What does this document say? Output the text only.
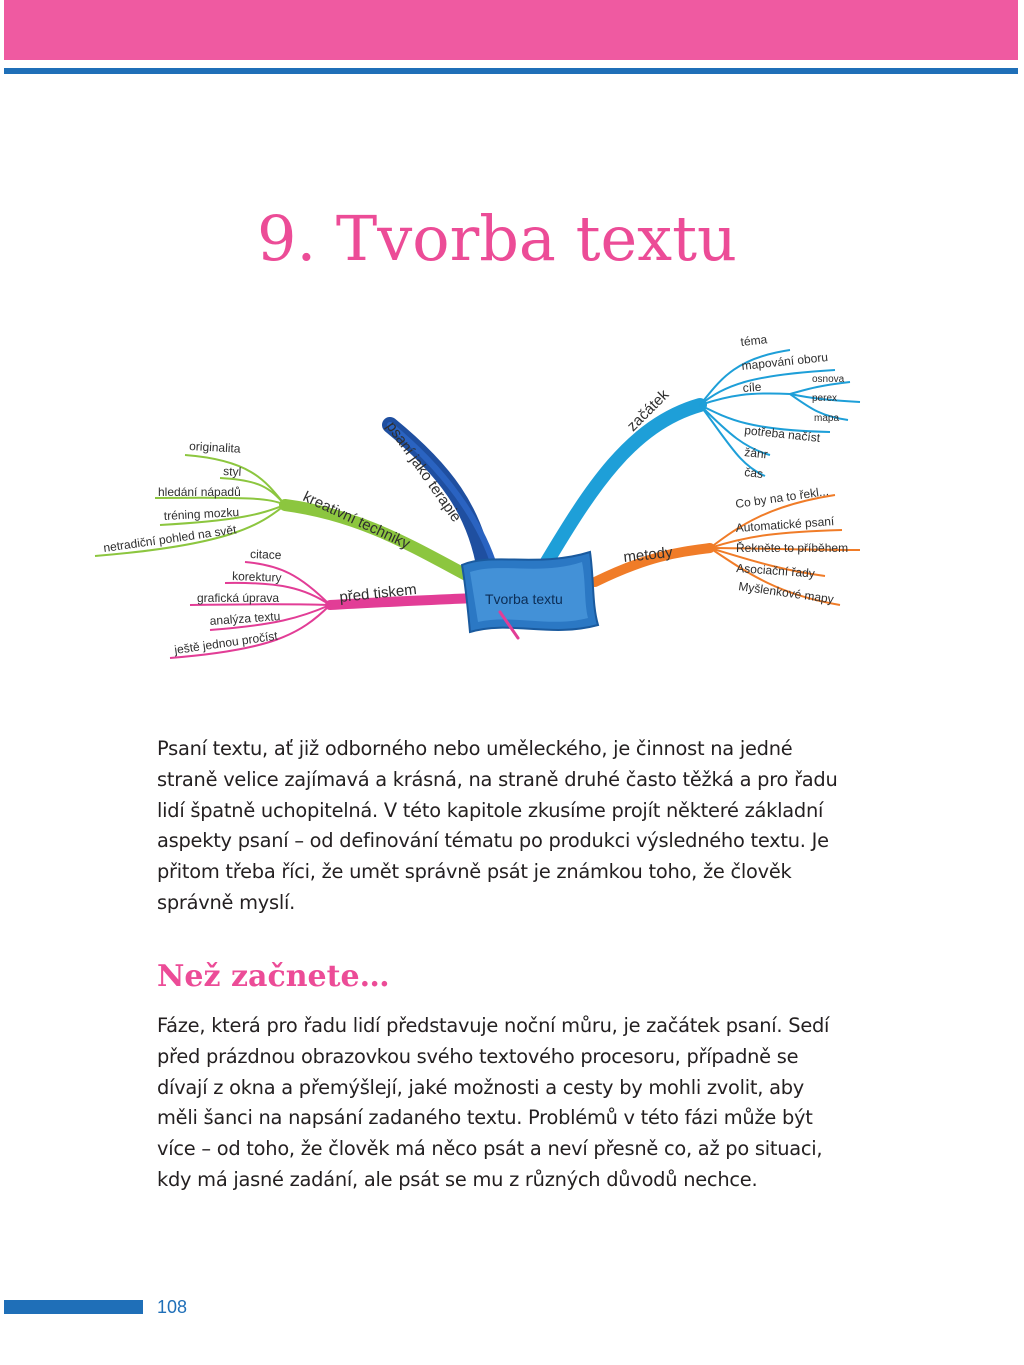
9. Tvorba textu
Tvorba textu
psaní jako terapie
začátek
metody
kreativní techniky
před tiskem
téma
mapování oboru
cíle
potřeba načíst
žánr
čas
osnova
perex
mapa
Co by na to řekl...
Automatické psaní
Řekněte to příběhem
Asociační řady
Myšlenkové mapy
originalita
styl
hledání nápadů
tréning mozku
netradiční pohled na svět citace
korektury
grafická úprava
analýza textu
ještě jednou pročíst

Psaní textu, ať již odborného nebo uměleckého, je činnost na jedné straně velice zajímavá a krásná, na straně druhé často těžká a pro řadu lidí špatně uchopitelná. V této kapitole zkusíme projít některé základní aspekty psaní – od definování tématu po produkci výsledného textu. Je přitom třeba říci, že umět správně psát je známkou toho, že člověk správně myslí.

Než začnete…

Fáze, která pro řadu lidí představuje noční můru, je začátek psaní. Sedí před prázdnou obrazovkou svého textového procesoru, případně se dívají z okna a přemýšlejí, jaké možnosti a cesty by mohli zvolit, aby měli šanci na napsání zadaného textu. Problémů v této fázi může být více – od toho, že člověk má něco psát a neví přesně co, až po situaci, kdy má jasné zadání, ale psát se mu z různých důvodů nechce.

108
